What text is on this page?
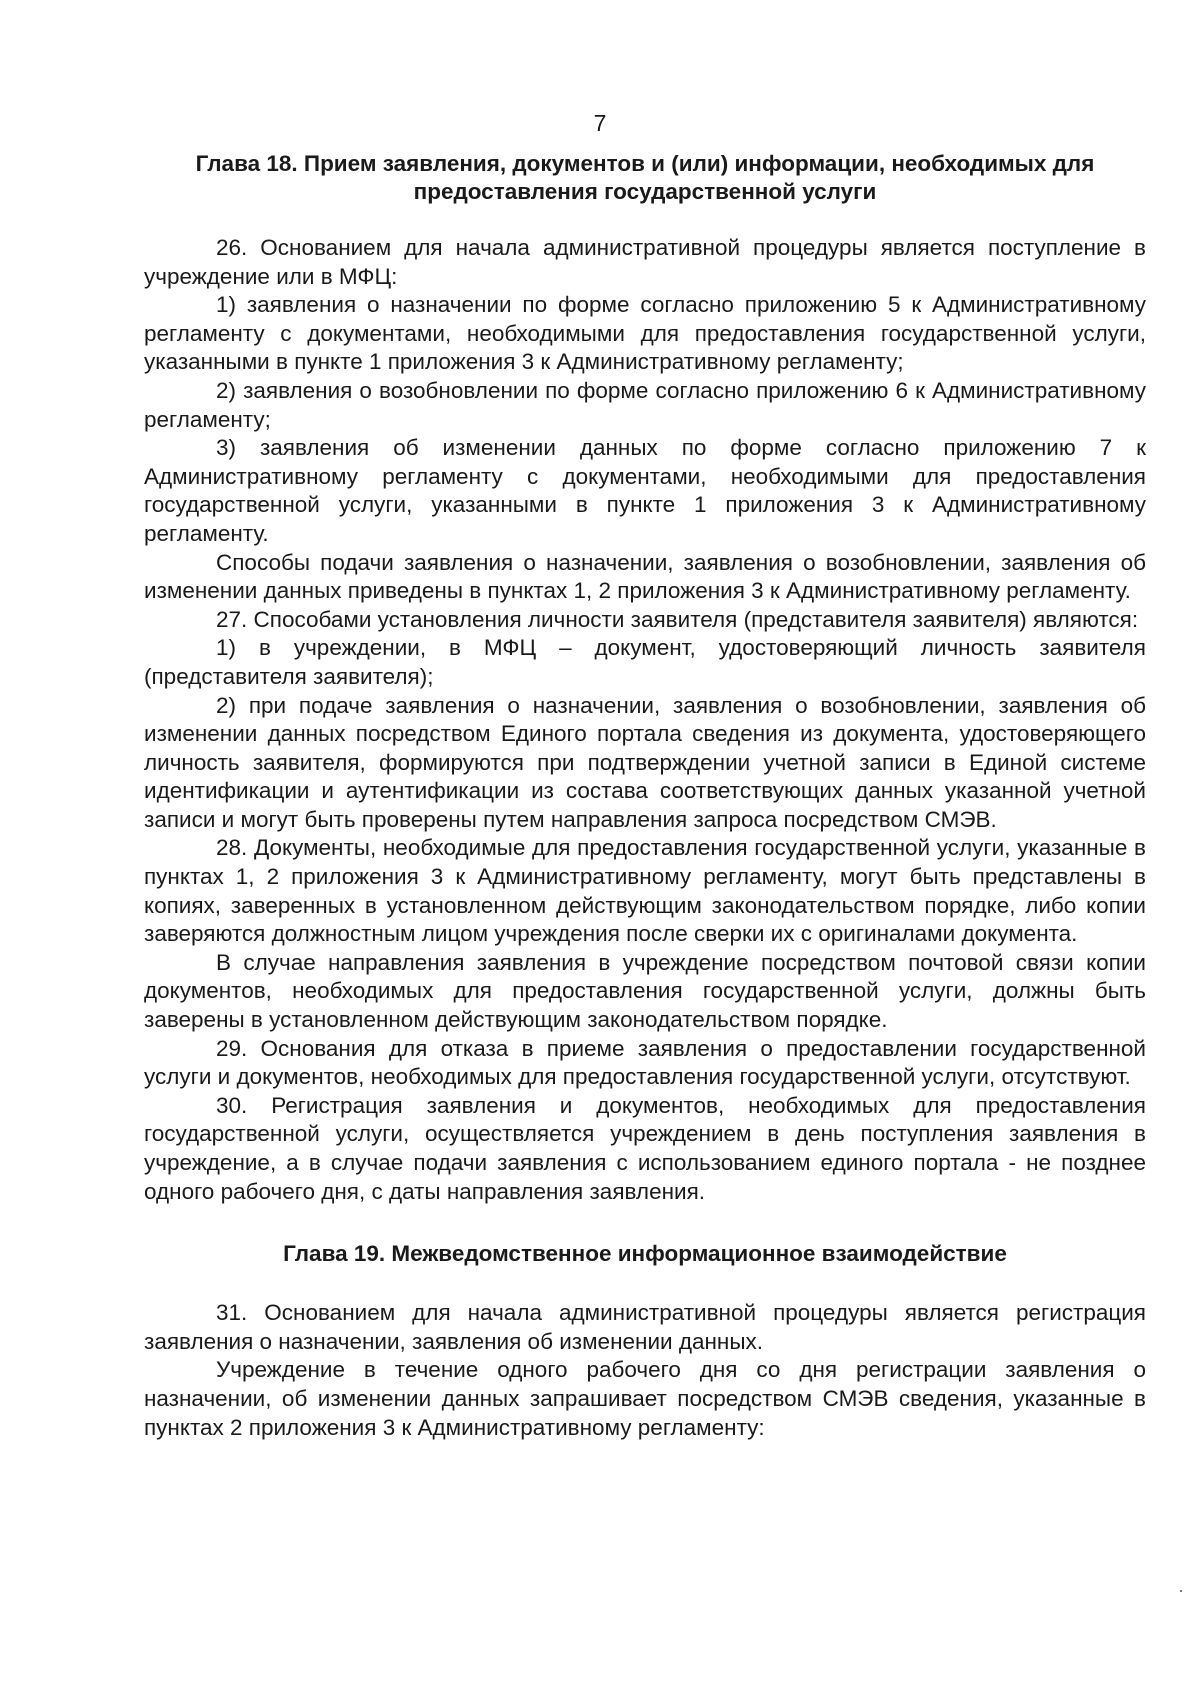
7
Глава 18. Прием заявления, документов и (или) информации, необходимых для
предоставления государственной услуги

26. Основанием для начала административной процедуры является поступление в учреждение или в МФЦ:

1) заявления о назначении по форме согласно приложению 5 к Административному регламенту с документами, необходимыми для предоставления государственной услуги, указанными в пункте 1 приложения 3 к Административному регламенту;

2) заявления о возобновлении по форме согласно приложению 6 к Административному регламенту;

3) заявления об изменении данных по форме согласно приложению 7 к Административному регламенту с документами, необходимыми для предоставления государственной услуги, указанными в пункте 1 приложения 3 к Административному регламенту.

Способы подачи заявления о назначении, заявления о возобновлении, заявления об изменении данных приведены в пунктах 1, 2 приложения 3 к Административному регламенту.

27. Способами установления личности заявителя (представителя заявителя) являются:

1) в учреждении, в МФЦ – документ, удостоверяющий личность заявителя (представителя заявителя);

2) при подаче заявления о назначении, заявления о возобновлении, заявления об изменении данных посредством Единого портала сведения из документа, удостоверяющего личность заявителя, формируются при подтверждении учетной записи в Единой системе идентификации и аутентификации из состава соответствующих данных указанной учетной записи и могут быть проверены путем направления запроса посредством СМЭВ.

28. Документы, необходимые для предоставления государственной услуги, указанные в пунктах 1, 2 приложения 3 к Административному регламенту, могут быть представлены в копиях, заверенных в установленном действующим законодательством порядке, либо копии заверяются должностным лицом учреждения после сверки их с оригиналами документа.

В случае направления заявления в учреждение посредством почтовой связи копии документов, необходимых для предоставления государственной услуги, должны быть заверены в установленном действующим законодательством порядке.

29. Основания для отказа в приеме заявления о предоставлении государственной услуги и документов, необходимых для предоставления государственной услуги, отсутствуют.

30. Регистрация заявления и документов, необходимых для предоставления государственной услуги, осуществляется учреждением в день поступления заявления в учреждение, а в случае подачи заявления с использованием единого портала - не позднее одного рабочего дня, с даты направления заявления.

Глава 19. Межведомственное информационное взаимодействие

31. Основанием для начала административной процедуры является регистрация заявления о назначении, заявления об изменении данных.

Учреждение в течение одного рабочего дня со дня регистрации заявления о назначении, об изменении данных запрашивает посредством СМЭВ сведения, указанные в пунктах 2 приложения 3 к Административному регламенту:
